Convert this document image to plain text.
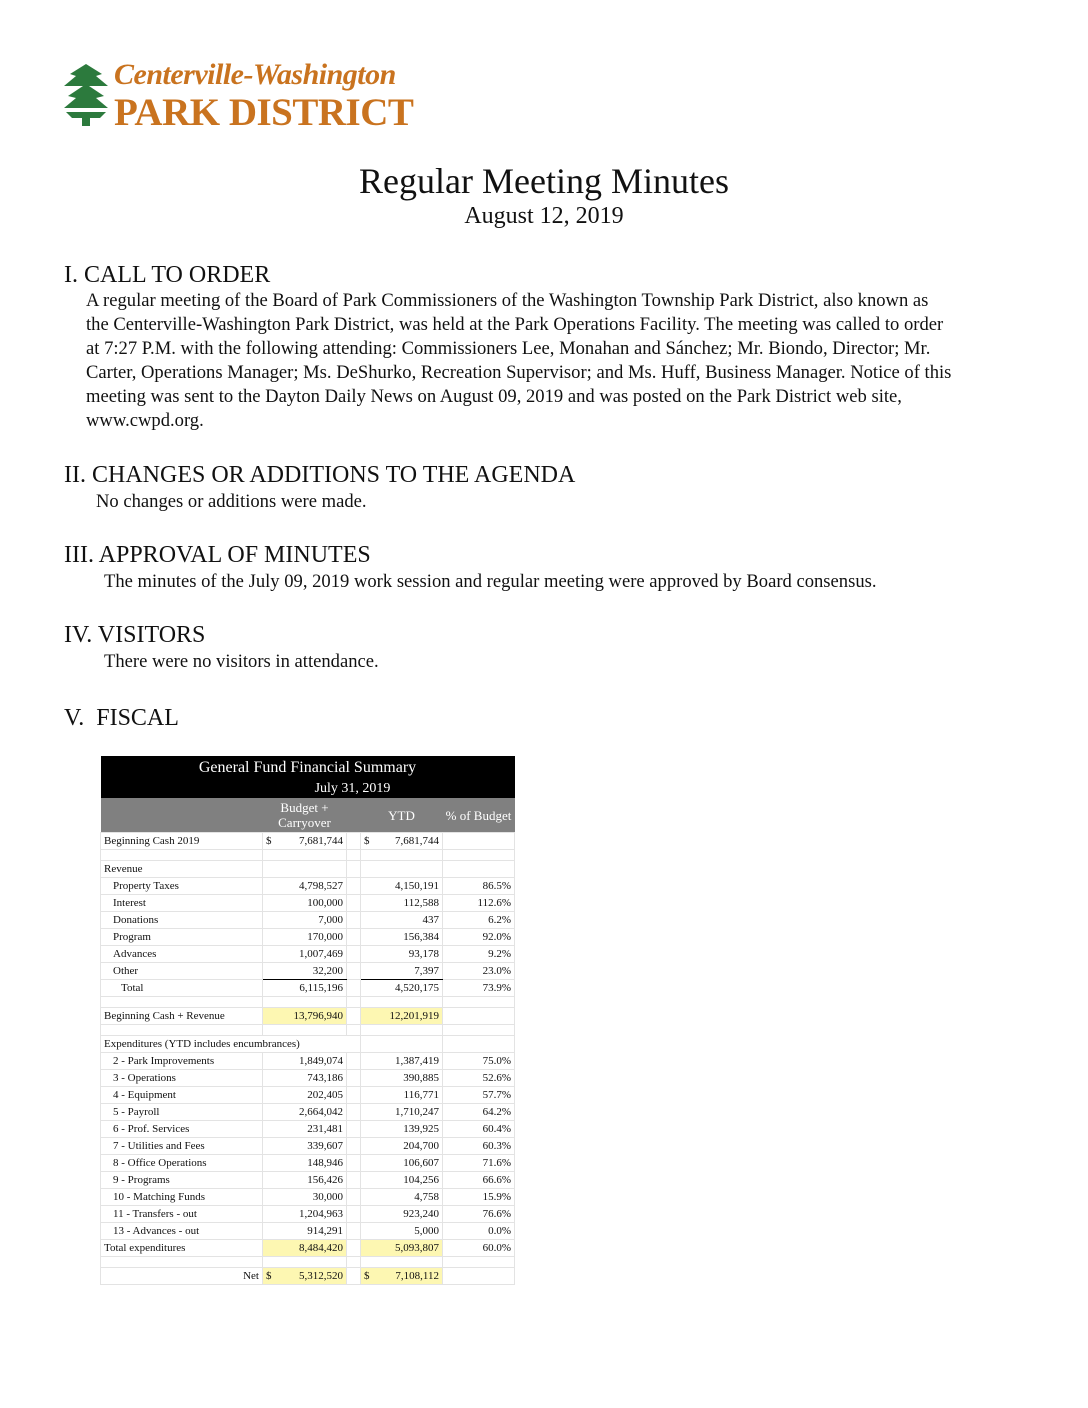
Centerville-Washington
PARK DISTRICT
Regular Meeting Minutes
August 12, 2019
I. CALL TO ORDER
A regular meeting of the Board of Park Commissioners of the Washington Township Park District, also known as
the Centerville-Washington Park District, was held at the Park Operations Facility. The meeting was called to order
at 7:27 P.M. with the following attending: Commissioners Lee, Monahan and Sánchez; Mr. Biondo, Director; Mr.
Carter, Operations Manager; Ms. DeShurko, Recreation Supervisor; and Ms. Huff, Business Manager. Notice of this
meeting was sent to the Dayton Daily News on August 09, 2019 and was posted on the Park District web site,
www.cwpd.org.
II. CHANGES OR ADDITIONS TO THE AGENDA
No changes or additions were made.
III. APPROVAL OF MINUTES
The minutes of the July 09, 2019 work session and regular meeting were approved by Board consensus.
IV. VISITORS
There were no visitors in attendance.
V.  FISCAL
General Fund Financial Summary				
	July 31, 2019			
	Budget + Carryover		YTD	% of Budget
Beginning Cash 2019	$ 7,681,744		$ 7,681,744	

Revenue				
Property Taxes	4,798,527		4,150,191	86.5%
Interest	100,000		112,588	112.6%
Donations	7,000		437	6.2%
Program	170,000		156,384	92.0%
Advances	1,007,469		93,178	9.2%
Other	32,200		7,397	23.0%
Total	6,115,196		4,520,175	73.9%

Beginning Cash + Revenue	13,796,940		12,201,919	

Expenditures (YTD includes encumbrances)				
2 - Park Improvements	1,849,074		1,387,419	75.0%
3 - Operations	743,186		390,885	52.6%
4 - Equipment	202,405		116,771	57.7%
5 - Payroll	2,664,042		1,710,247	64.2%
6 - Prof. Services	231,481		139,925	60.4%
7 - Utilities and Fees	339,607		204,700	60.3%
8 - Office Operations	148,946		106,607	71.6%
9 - Programs	156,426		104,256	66.6%
10 - Matching Funds	30,000		4,758	15.9%
11 - Transfers - out	1,204,963		923,240	76.6%
13 - Advances - out	914,291		5,000	0.0%
Total expenditures	8,484,420		5,093,807	60.0%

Net	$ 5,312,520		$ 7,108,112	
